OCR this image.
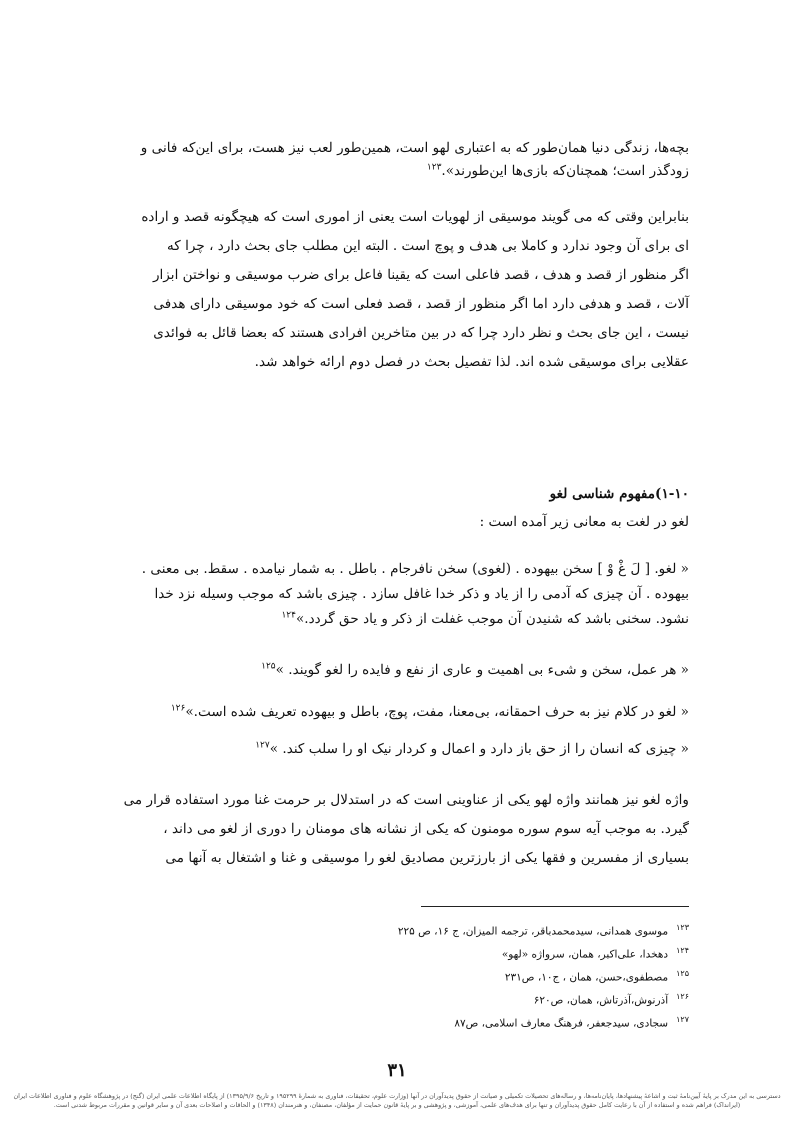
بچه‌ها، زندگی دنیا همان‌طور که به اعتباری لهو است، همین‌طور لعب نیز هست، برای این‌که فانی و

زودگذر است؛ همچنان‌که بازی‌ها این‌طورند».$^{۱۲۳}$

بنابراین وقتی که می گویند موسیقی از لهویات است یعنی از اموری است که هیچگونه قصد و اراده

ای برای آن وجود ندارد و کاملا بی هدف و پوچ است . البته این مطلب جای بحث دارد ، چرا که

اگر منظور از قصد و هدف ، قصد فاعلی است که یقینا فاعل برای ضرب موسیقی و نواختن ابزار

آلات ، قصد و هدفی دارد اما اگر منظور از قصد ، قصد فعلی است که خود موسیقی دارای هدفی

نیست ، این جای بحث و نظر دارد چرا که در بین متاخرین افرادی هستند که بعضا قائل به فوائدی

عقلایی برای موسیقی شده اند. لذا تفصیل بحث در فصل دوم ارائه خواهد شد.

۱-۱۰)مفهوم شناسی لغو
لغو در لغت به معانی زیر آمده است :

« لغو. [ لَ غْ وْ ] سخن بیهوده . (لغوی) سخن نافرجام . باطل . به شمار نیامده . سقط. بی معنی .

بیهوده . آن چیزی که آدمی را از یاد و ذکر خدا غافل سازد . چیزی باشد که موجب وسیله نزد خدا

نشود. سخنی باشد که شنیدن آن موجب غفلت از ذکر و یاد حق گردد.»$^{۱۲۴}$

« هر عمل، سخن و شیء بی اهمیت و عاری از نفع و فایده را لغو گویند. »$^{۱۲۵}$
« لغو در کلام نیز به حرف احمقانه، بی‌معنا، مفت، پوچ، باطل و بیهوده تعریف شده است.»$^{۱۲۶}$
« چیزی که انسان را از حق باز دارد و اعمال و کردار نیک او را سلب کند. »$^{۱۲۷}$

واژه لغو نیز همانند واژه لهو یکی از عناوینی است که در استدلال بر حرمت غنا مورد استفاده قرار می

گیرد. به موجب آیه سوم سوره مومنون که یکی از نشانه های مومنان را دوری از لغو می داند ،

بسیاری از مفسرین و فقها یکی از بارزترین مصادیق لغو را موسیقی و غنا و اشتغال به آنها می

$^{۱۲۳}$موسوی همدانی، سیدمحمدباقر، ترجمه المیزان، ج ۱۶، ص ۲۲۵
$^{۱۲۴}$دهخدا، علی‌اکبر، همان، سرواژه «لهو»
$^{۱۲۵}$مصطفوی،حسن، همان ، ج۱۰، ص۲۳۱
$^{۱۲۶}$آذرنوش،آذرتاش، همان، ص۶۲۰
$^{۱۲۷}$سجادی، سیدجعفر، فرهنگ معارف اسلامی، ص۸۷
۳۱
دسترسی به این مدرک بر پایهٔ آیین‌نامهٔ ثبت و اشاعهٔ پیشنهادها، پایان‌نامه‌ها، و رساله‌های تحصیلات تکمیلی و صیانت از حقوق پدیدآوران در آنها (وزارت علوم، تحقیقات، فناوری به شمارهٔ ۱۹۵۲۹۹ و تاریخ ۱۳۹۵/۹/۶) از پایگاه اطلاعات علمی ایران (گنج) در پژوهشگاه علوم و فناوری اطلاعات ایران (ایرانداک) فراهم شده و استفاده از آن با رعایت کامل حقوق پدیدآوران و تنها برای هدف‌های علمی، آموزشی، و پژوهشی و بر پایهٔ قانون حمایت از مؤلفان، مصنفان، و هنرمندان (۱۳۴۸) و الحاقات و اصلاحات بعدی آن و سایر قوانین و مقررات مربوط شدنی است.
